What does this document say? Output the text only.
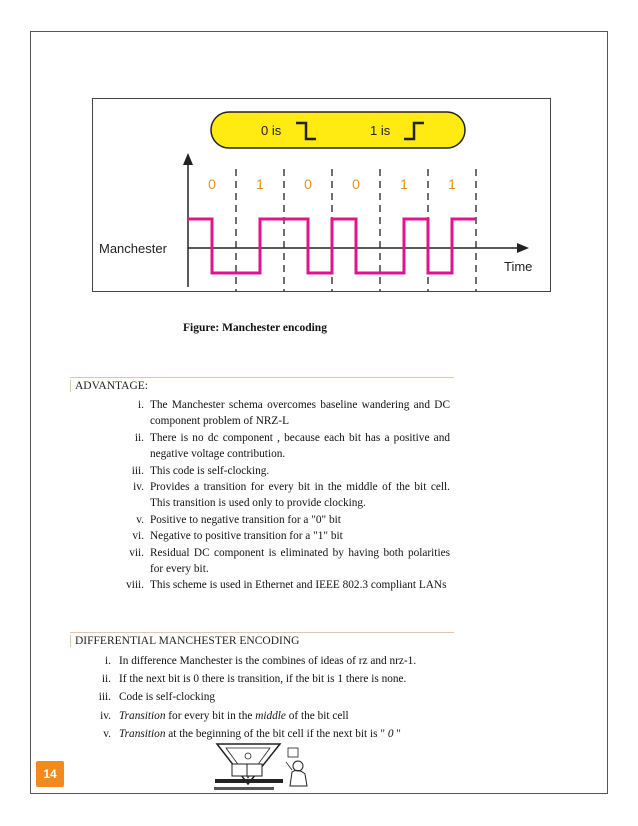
0 is	1 is
Manchester
Time
0	1	0	0	1	1
Figure: Manchester encoding
ADVANTAGE:
i. The Manchester schema overcomes baseline wandering and DC component problem of NRZ-L
ii. There is no dc component , because each bit has a positive and negative voltage contribution.
iii. This code is self-clocking.
iv. Provides a transition for every bit in the middle of the bit cell. This transition is used only to provide clocking.
v. Positive to negative transition for a "0" bit
vi. Negative to positive transition for a "1" bit
vii. Residual DC component is eliminated by having both polarities for every bit.
viii. This scheme is used in Ethernet and IEEE 802.3 compliant LANs
DIFFERENTIAL MANCHESTER ENCODING
i. In difference Manchester is the combines of ideas of rz and nrz-1.
ii. If the next bit is 0 there is transition, if the bit is 1 there is none.
iii. Code is self-clocking
iv. Transition for every bit in the middle of the bit cell
v. Transition at the beginning of the bit cell if the next bit is " 0 "
14
